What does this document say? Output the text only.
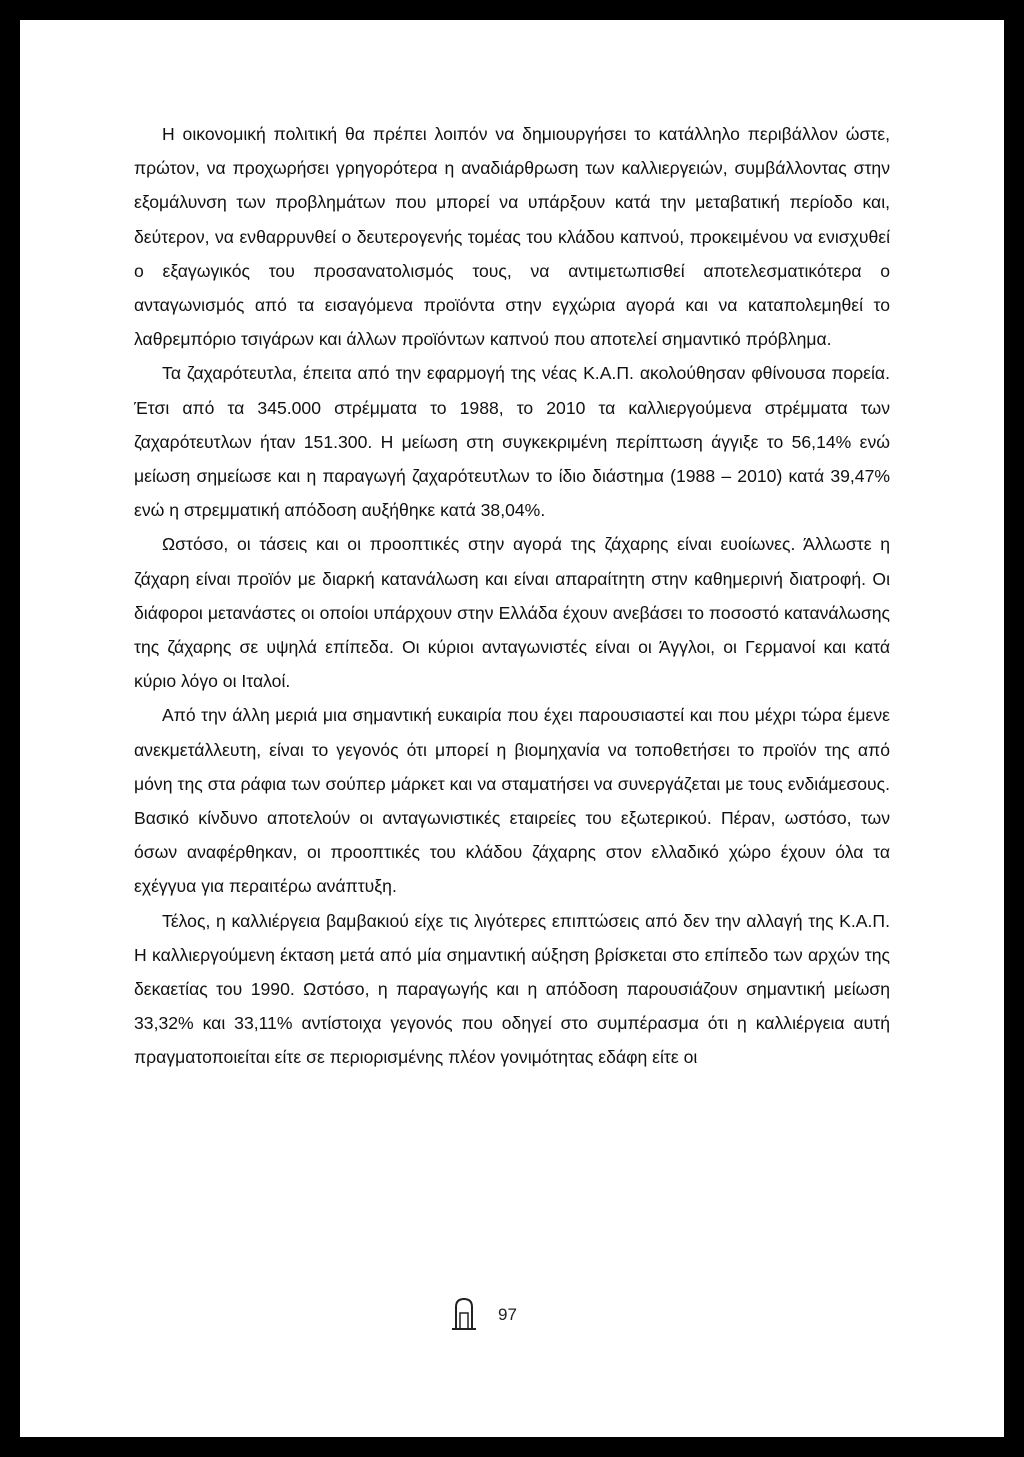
Η οικονομική πολιτική θα πρέπει λοιπόν να δημιουργήσει το κατάλληλο περιβάλλον ώστε, πρώτον, να προχωρήσει γρηγορότερα η αναδιάρθρωση των καλλιεργειών, συμβάλλοντας στην εξομάλυνση των προβλημάτων που μπορεί να υπάρξουν κατά την μεταβατική περίοδο και, δεύτερον, να ενθαρρυνθεί ο δευτερογενής τομέας του κλάδου καπνού, προκειμένου να ενισχυθεί ο εξαγωγικός του προσανατολισμός τους, να αντιμετωπισθεί αποτελεσματικότερα ο ανταγωνισμός από τα εισαγόμενα προϊόντα στην εγχώρια αγορά και να καταπολεμηθεί το λαθρεμπόριο τσιγάρων και άλλων προϊόντων καπνού που αποτελεί σημαντικό πρόβλημα.

Τα ζαχαρότευτλα, έπειτα από την εφαρμογή της νέας Κ.Α.Π. ακολούθησαν φθίνουσα πορεία. Έτσι από τα 345.000 στρέμματα το 1988, το 2010 τα καλλιεργούμενα στρέμματα των ζαχαρότευτλων ήταν 151.300. Η μείωση στη συγκεκριμένη περίπτωση άγγιξε το 56,14% ενώ μείωση σημείωσε και η παραγωγή ζαχαρότευτλων το ίδιο διάστημα (1988 – 2010) κατά 39,47% ενώ η στρεμματική απόδοση αυξήθηκε κατά 38,04%.

Ωστόσο, οι τάσεις και οι προοπτικές στην αγορά της ζάχαρης είναι ευοίωνες. Άλλωστε η ζάχαρη είναι προϊόν με διαρκή κατανάλωση και είναι απαραίτητη στην καθημερινή διατροφή. Οι διάφοροι μετανάστες οι οποίοι υπάρχουν στην Ελλάδα έχουν ανεβάσει το ποσοστό κατανάλωσης της ζάχαρης σε υψηλά επίπεδα. Οι κύριοι ανταγωνιστές είναι οι Άγγλοι, οι Γερμανοί και κατά κύριο λόγο οι Ιταλοί.

Από την άλλη μεριά μια σημαντική ευκαιρία που έχει παρουσιαστεί και που μέχρι τώρα έμενε ανεκμετάλλευτη, είναι το γεγονός ότι μπορεί η βιομηχανία να τοποθετήσει το προϊόν της από μόνη της στα ράφια των σούπερ μάρκετ και να σταματήσει να συνεργάζεται με τους ενδιάμεσους. Βασικό κίνδυνο αποτελούν οι ανταγωνιστικές εταιρείες του εξωτερικού. Πέραν, ωστόσο, των όσων αναφέρθηκαν, οι προοπτικές του κλάδου ζάχαρης στον ελλαδικό χώρο έχουν όλα τα εχέγγυα για περαιτέρω ανάπτυξη.

Τέλος, η καλλιέργεια βαμβακιού είχε τις λιγότερες επιπτώσεις από δεν την αλλαγή της Κ.Α.Π. Η καλλιεργούμενη έκταση μετά από μία σημαντική αύξηση βρίσκεται στο επίπεδο των αρχών της δεκαετίας του 1990. Ωστόσο, η παραγωγής και η απόδοση παρουσιάζουν σημαντική μείωση 33,32% και 33,11% αντίστοιχα γεγονός που οδηγεί στο συμπέρασμα ότι η καλλιέργεια αυτή πραγματοποιείται είτε σε περιορισμένης πλέον γονιμότητας εδάφη είτε οι

97
